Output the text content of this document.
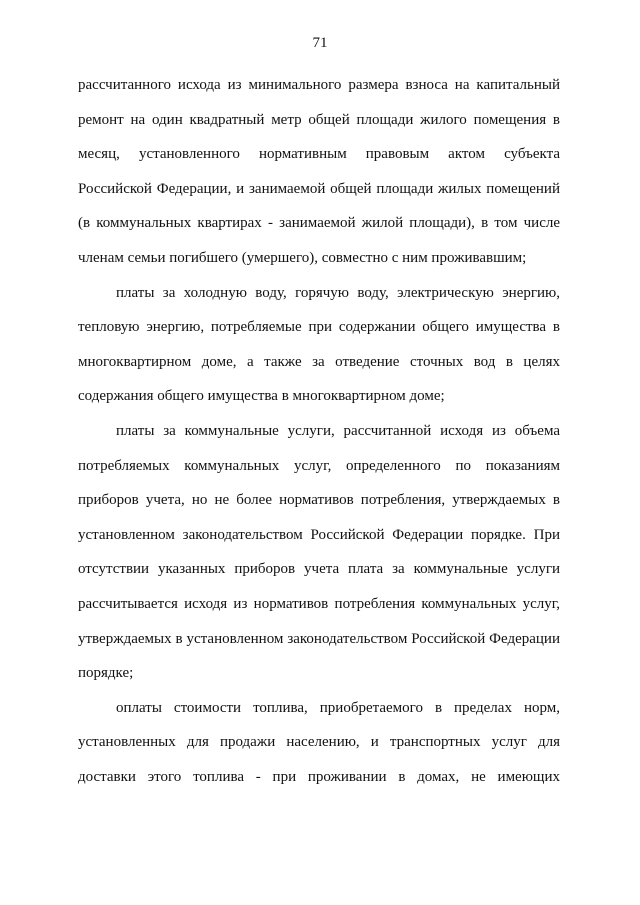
71
рассчитанного исхода из минимального размера взноса на капитальный
ремонт на один квадратный метр общей площади жилого помещения в
месяц, установленного нормативным правовым актом субъекта
Российской Федерации, и занимаемой общей площади жилых помещений
(в коммунальных квартирах - занимаемой жилой площади), в том числе
членам семьи погибшего (умершего), совместно с ним проживавшим;
платы за холодную воду, горячую воду, электрическую энергию,
тепловую энергию, потребляемые при содержании общего имущества в
многоквартирном доме, а также за отведение сточных вод в целях
содержания общего имущества в многоквартирном доме;
платы за коммунальные услуги, рассчитанной исходя из объема
потребляемых коммунальных услуг, определенного по показаниям
приборов учета, но не более нормативов потребления, утверждаемых в
установленном законодательством Российской Федерации порядке. При
отсутствии указанных приборов учета плата за коммунальные услуги
рассчитывается исходя из нормативов потребления коммунальных услуг,
утверждаемых в установленном законодательством Российской Федерации
порядке;
оплаты стоимости топлива, приобретаемого в пределах норм,
установленных для продажи населению, и транспортных услуг для
доставки этого топлива - при проживании в домах, не имеющих
